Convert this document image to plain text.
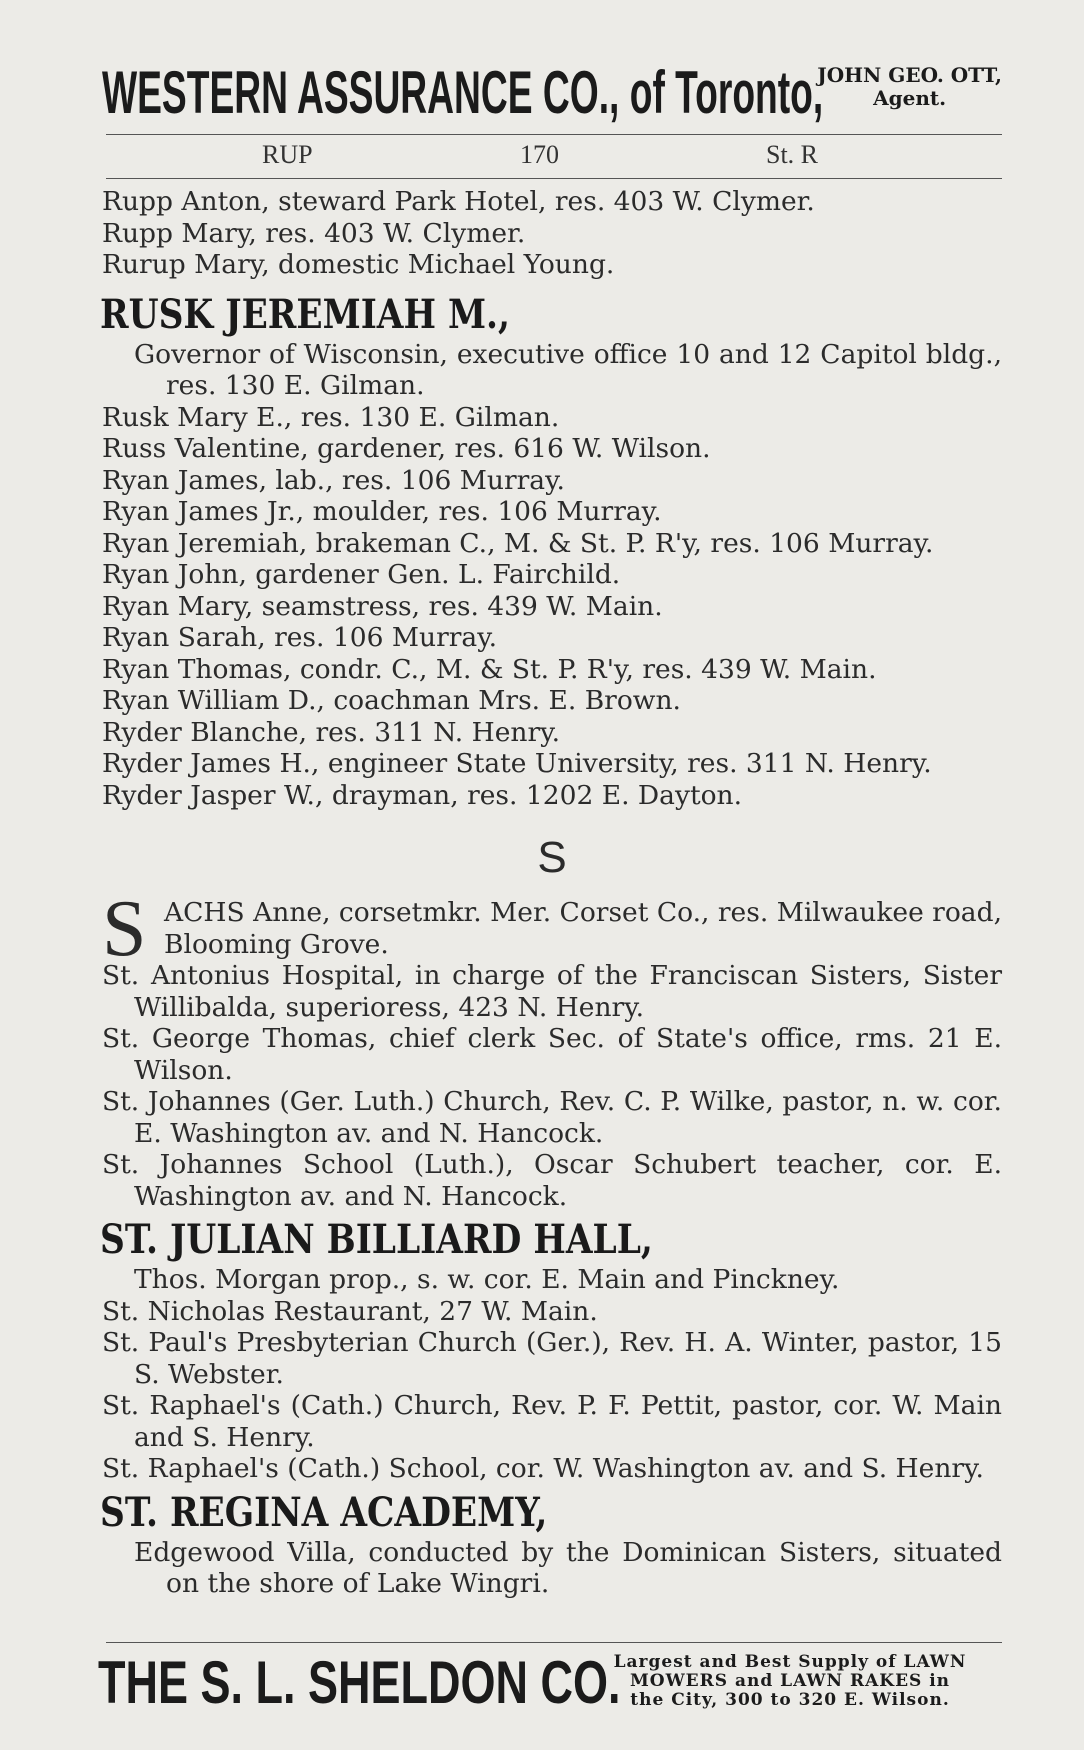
WESTERN ASSURANCE CO., of Toronto,
JOHN GEO. OTT,
Agent.
RUP	170	St. R
Rupp Anton, steward Park Hotel, res. 403 W. Clymer.
Rupp Mary, res. 403 W. Clymer.
Rurup Mary, domestic Michael Young.
RUSK JEREMIAH M.,
Governor of Wisconsin, executive office 10 and 12 Capitol bldg., res. 130 E. Gilman.
Rusk Mary E., res. 130 E. Gilman.
Russ Valentine, gardener, res. 616 W. Wilson.
Ryan James, lab., res. 106 Murray.
Ryan James Jr., moulder, res. 106 Murray.
Ryan Jeremiah, brakeman C., M. & St. P. R'y, res. 106 Murray.
Ryan John, gardener Gen. L. Fairchild.
Ryan Mary, seamstress, res. 439 W. Main.
Ryan Sarah, res. 106 Murray.
Ryan Thomas, condr. C., M. & St. P. R'y, res. 439 W. Main.
Ryan William D., coachman Mrs. E. Brown.
Ryder Blanche, res. 311 N. Henry.
Ryder James H., engineer State University, res. 311 N. Henry.
Ryder Jasper W., drayman, res. 1202 E. Dayton.
S
S ACHS Anne, corsetmkr. Mer. Corset Co., res. Milwaukee road, Blooming Grove.
St. Antonius Hospital, in charge of the Franciscan Sisters, Sister Willibalda, superioress, 423 N. Henry.
St. George Thomas, chief clerk Sec. of State's office, rms. 21 E. Wilson.
St. Johannes (Ger. Luth.) Church, Rev. C. P. Wilke, pastor, n. w. cor. E. Washington av. and N. Hancock.
St. Johannes School (Luth.), Oscar Schubert teacher, cor. E. Washington av. and N. Hancock.
ST. JULIAN BILLIARD HALL,
Thos. Morgan prop., s. w. cor. E. Main and Pinckney.
St. Nicholas Restaurant, 27 W. Main.
St. Paul's Presbyterian Church (Ger.), Rev. H. A. Winter, pastor, 15 S. Webster.
St. Raphael's (Cath.) Church, Rev. P. F. Pettit, pastor, cor. W. Main and S. Henry.
St. Raphael's (Cath.) School, cor. W. Washington av. and S. Henry.
ST. REGINA ACADEMY,
Edgewood Villa, conducted by the Dominican Sisters, situated on the shore of Lake Wingri.
THE S. L. SHELDON CO.
Largest and Best Supply of LAWN
MOWERS and LAWN RAKES in
the City, 300 to 320 E. Wilson.
